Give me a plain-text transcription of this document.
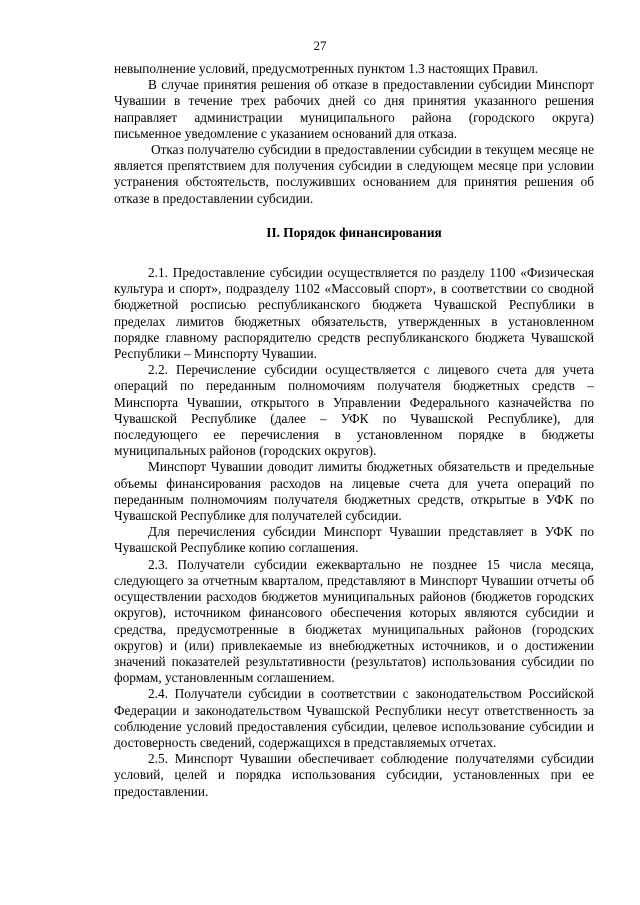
27

невыполнение условий, предусмотренных пунктом 1.3 настоящих Правил.

В случае принятия решения об отказе в предоставлении субсидии Минспорт Чувашии в течение трех рабочих дней со дня принятия указанного решения направляет администрации муниципального района (городского округа) письменное уведомление с указанием оснований для отказа.

Отказ получателю субсидии в предоставлении субсидии в текущем месяце не является препятствием для получения субсидии в следующем месяце при условии устранения обстоятельств, послуживших основанием для принятия решения об отказе в предоставлении субсидии.

II. Порядок финансирования

2.1. Предоставление субсидии осуществляется по разделу 1100 «Физическая культура и спорт», подразделу 1102 «Массовый спорт», в соответствии со сводной бюджетной росписью республиканского бюджета Чувашской Республики в пределах лимитов бюджетных обязательств, утвержденных в установленном порядке главному распорядителю средств республиканского бюджета Чувашской Республики – Минспорту Чувашии.

2.2. Перечисление субсидии осуществляется с лицевого счета для учета операций по переданным полномочиям получателя бюджетных средств – Минспорта Чувашии, открытого в Управлении Федерального казначейства по Чувашской Республике (далее – УФК по Чувашской Республике), для последующего ее перечисления в установленном порядке в бюджеты муниципальных районов (городских округов).

Минспорт Чувашии доводит лимиты бюджетных обязательств и предельные объемы финансирования расходов на лицевые счета для учета операций по переданным полномочиям получателя бюджетных средств, открытые в УФК по Чувашской Республике для получателей субсидии.

Для перечисления субсидии Минспорт Чувашии представляет в УФК по Чувашской Республике копию соглашения.

2.3. Получатели субсидии ежеквартально не позднее 15 числа месяца, следующего за отчетным кварталом, представляют в Минспорт Чувашии отчеты об осуществлении расходов бюджетов муниципальных районов (бюджетов городских округов), источником финансового обеспечения которых являются субсидии и средства, предусмотренные в бюджетах муниципальных районов (городских округов) и (или) привлекаемые из внебюджетных источников, и о достижении значений показателей результативности (результатов) использования субсидии по формам, установленным соглашением.

2.4. Получатели субсидии в соответствии с законодательством Российской Федерации и законодательством Чувашской Республики несут ответственность за соблюдение условий предоставления субсидии, целевое использование субсидии и достоверность сведений, содержащихся в представляемых отчетах.

2.5. Минспорт Чувашии обеспечивает соблюдение получателями субсидии условий, целей и порядка использования субсидии, установленных при ее предоставлении.
